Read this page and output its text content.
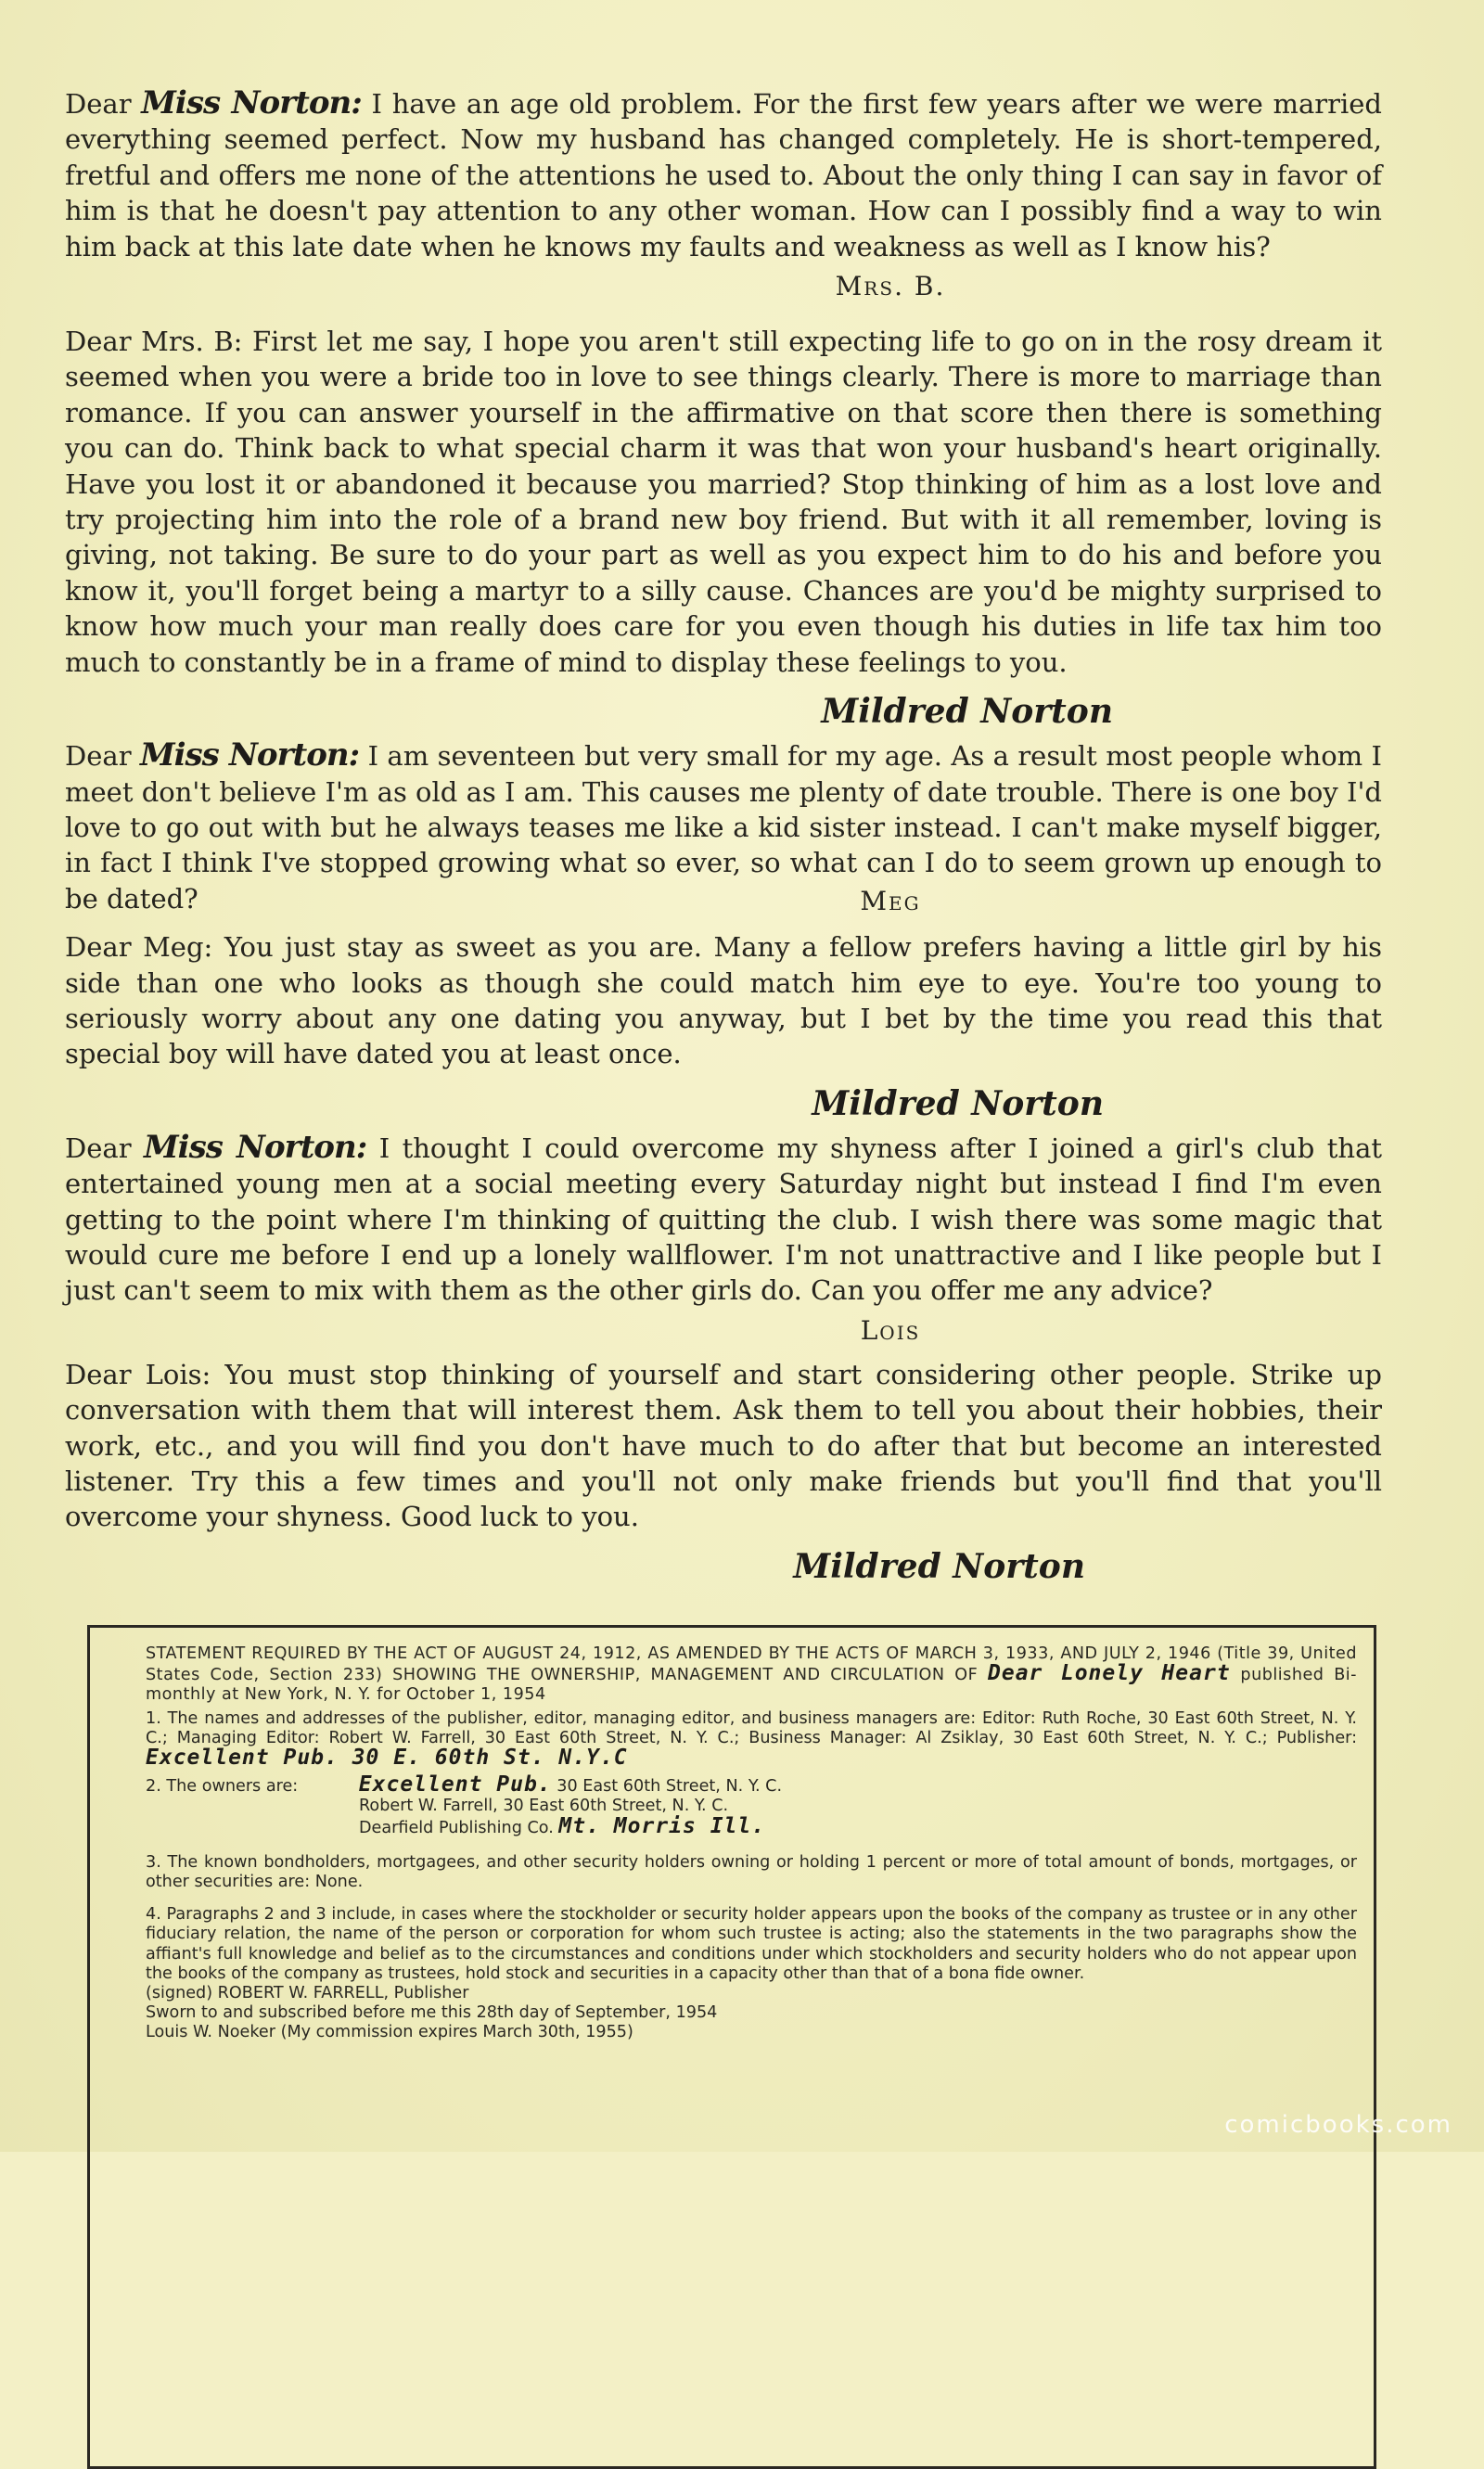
Dear Miss Norton: I have an age old problem. For the first few years after we were married everything seemed perfect. Now my husband has changed completely. He is short-tempered, fretful and offers me none of the attentions he used to. About the only thing I can say in favor of him is that he doesn't pay attention to any other woman. How can I possibly find a way to win him back at this late date when he knows my faults and weakness as well as I know his?

Mrs. B.

Dear Mrs. B: First let me say, I hope you aren't still expecting life to go on in the rosy dream it seemed when you were a bride too in love to see things clearly. There is more to marriage than romance. If you can answer yourself in the affirmative on that score then there is something you can do. Think back to what special charm it was that won your husband's heart originally. Have you lost it or abandoned it because you married? Stop thinking of him as a lost love and try projecting him into the role of a brand new boy friend. But with it all remember, loving is giving, not taking. Be sure to do your part as well as you expect him to do his and before you know it, you'll forget being a martyr to a silly cause. Chances are you'd be mighty surprised to know how much your man really does care for you even though his duties in life tax him too much to constantly be in a frame of mind to display these feelings to you.

Mildred Norton

Dear Miss Norton: I am seventeen but very small for my age. As a result most people whom I meet don't believe I'm as old as I am. This causes me plenty of date trouble. There is one boy I'd love to go out with but he always teases me like a kid sister instead. I can't make myself bigger, in fact I think I've stopped growing what so ever, so what can I do to seem grown up enough to be dated?	Meg

Dear Meg: You just stay as sweet as you are. Many a fellow prefers having a little girl by his side than one who looks as though she could match him eye to eye. You're too young to seriously worry about any one dating you anyway, but I bet by the time you read this that special boy will have dated you at least once.

Mildred Norton

Dear Miss Norton: I thought I could overcome my shyness after I joined a girl's club that entertained young men at a social meeting every Saturday night but instead I find I'm even getting to the point where I'm thinking of quitting the club. I wish there was some magic that would cure me before I end up a lonely wallflower. I'm not unattractive and I like people but I just can't seem to mix with them as the other girls do. Can you offer me any advice?

Lois

Dear Lois: You must stop thinking of yourself and start considering other people. Strike up conversation with them that will interest them. Ask them to tell you about their hobbies, their work, etc., and you will find you don't have much to do after that but become an interested listener. Try this a few times and you'll not only make friends but you'll find that you'll overcome your shyness. Good luck to you.

Mildred Norton

STATEMENT REQUIRED BY THE ACT OF AUGUST 24, 1912, AS AMENDED BY THE ACTS OF MARCH 3, 1933, AND JULY 2, 1946 (Title 39, United States Code, Section 233) SHOWING THE OWNERSHIP, MANAGEMENT AND CIRCULATION OF Dear Lonely Heart published Bi-monthly at New York, N. Y. for October 1, 1954

1. The names and addresses of the publisher, editor, managing editor, and business managers are: Editor: Ruth Roche, 30 East 60th Street, N. Y. C.; Managing Editor: Robert W. Farrell, 30 East 60th Street, N. Y. C.; Business Manager: Al Zsiklay, 30 East 60th Street, N. Y. C.; Publisher: Excellent Pub. 30 E. 60th St. N.Y.C

2. The owners are:	Excellent Pub. 30 East 60th Street, N. Y. C.
Robert W. Farrell, 30 East 60th Street, N. Y. C.
Dearfield Publishing Co. Mt. Morris Ill.

3. The known bondholders, mortgagees, and other security holders owning or holding 1 percent or more of total amount of bonds, mortgages, or other securities are: None.

4. Paragraphs 2 and 3 include, in cases where the stockholder or security holder appears upon the books of the company as trustee or in any other fiduciary relation, the name of the person or corporation for whom such trustee is acting; also the statements in the two paragraphs show the affiant's full knowledge and belief as to the circumstances and conditions under which stockholders and security holders who do not appear upon the books of the company as trustees, hold stock and securities in a capacity other than that of a bona fide owner.

(signed) ROBERT W. FARRELL, Publisher

Sworn to and subscribed before me this 28th day of September, 1954

Louis W. Noeker (My commission expires March 30th, 1955)

comicbooks.com
